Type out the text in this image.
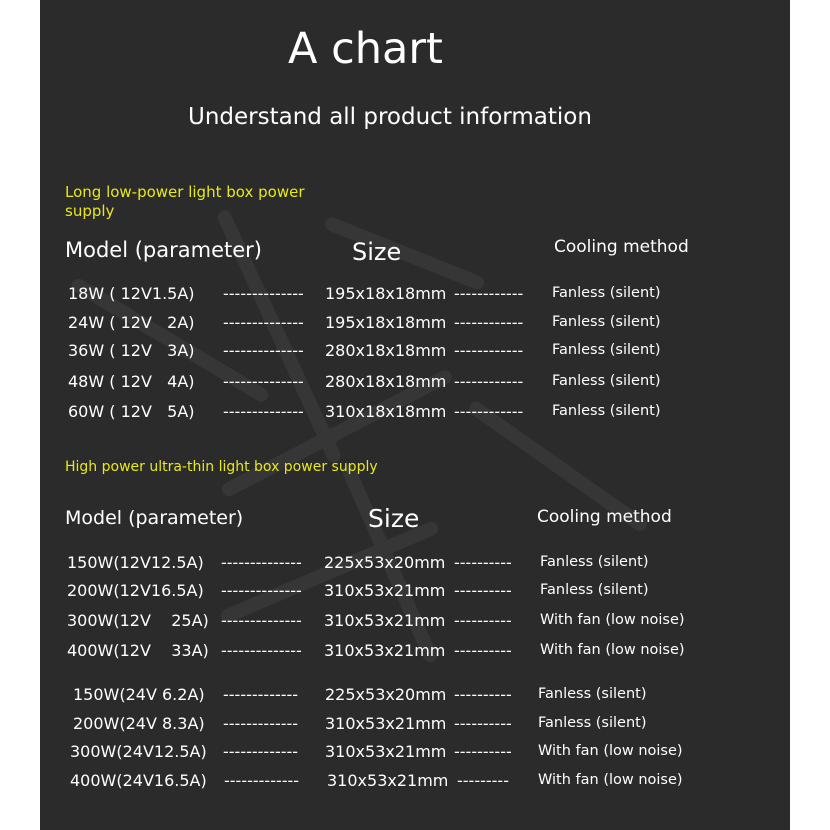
A chart
Understand all product information
Long low-power light box power supply
Model (parameter)	Size	Cooling method
18W ( 12V1.5A) -------------- 195x18x18mm ------------ Fanless (silent)
24W ( 12V   2A) -------------- 195x18x18mm ------------ Fanless (silent)
36W ( 12V   3A) -------------- 280x18x18mm ------------ Fanless (silent)
48W ( 12V   4A) -------------- 280x18x18mm ------------ Fanless (silent)
60W ( 12V   5A) -------------- 310x18x18mm ------------ Fanless (silent)
High power ultra-thin light box power supply
Model (parameter)	Size	Cooling method
150W(12V12.5A) -------------- 225x53x20mm ---------- Fanless (silent)
200W(12V16.5A) -------------- 310x53x21mm ---------- Fanless (silent)
300W(12V    25A) -------------- 310x53x21mm ---------- With fan (low noise)
400W(12V    33A) -------------- 310x53x21mm ---------- With fan (low noise)
150W(24V 6.2A) ------------- 225x53x20mm ---------- Fanless (silent)
200W(24V 8.3A) ------------- 310x53x21mm ---------- Fanless (silent)
300W(24V12.5A) ------------- 310x53x21mm ---------- With fan (low noise)
400W(24V16.5A) ------------- 310x53x21mm --------- With fan (low noise)
